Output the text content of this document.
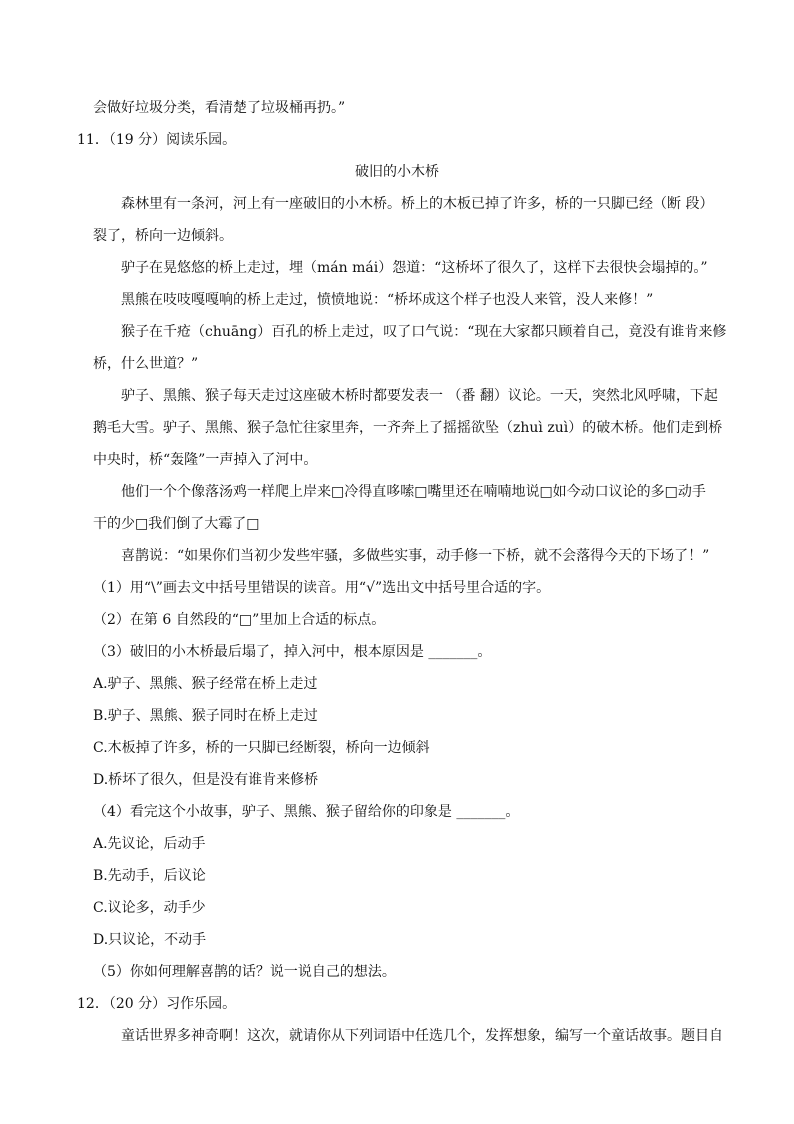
会做好垃圾分类，看清楚了垃圾桶再扔。”
11．（19 分）阅读乐园。
破旧的小木桥
森林里有一条河，河上有一座破旧的小木桥。桥上的木板已掉了许多，桥的一只脚已经（断 段）
裂了，桥向一边倾斜。
驴子在晃悠悠的桥上走过，埋（mán mái）怨道：“这桥坏了很久了，这样下去很快会塌掉的。”
黑熊在吱吱嘎嘎响的桥上走过，愤愤地说：“桥坏成这个样子也没人来管，没人来修！”
猴子在千疮（chuāng）百孔的桥上走过，叹了口气说：“现在大家都只顾着自己，竟没有谁肯来修
桥，什么世道？”
驴子、黑熊、猴子每天走过这座破木桥时都要发表一 （番 翻）议论。一天，突然北风呼啸，下起
鹅毛大雪。驴子、黑熊、猴子急忙往家里奔，一齐奔上了摇摇欲坠（zhuì zuì）的破木桥。他们走到桥
中央时，桥“轰隆”一声掉入了河中。
他们一个个像落汤鸡一样爬上岸来□冷得直哆嗦□嘴里还在喃喃地说□如今动口议论的多□动手
干的少□我们倒了大霉了□
喜鹊说：“如果你们当初少发些牢骚，多做些实事，动手修一下桥，就不会落得今天的下场了！”
（1）用“\”画去文中括号里错误的读音。用“√”选出文中括号里合适的字。
（2）在第 6 自然段的“□”里加上合适的标点。
（3）破旧的小木桥最后塌了，掉入河中，根本原因是 _______。
A.驴子、黑熊、猴子经常在桥上走过
B.驴子、黑熊、猴子同时在桥上走过
C.木板掉了许多，桥的一只脚已经断裂，桥向一边倾斜
D.桥坏了很久，但是没有谁肯来修桥
（4）看完这个小故事，驴子、黑熊、猴子留给你的印象是 _______。
A.先议论，后动手
B.先动手，后议论
C.议论多，动手少
D.只议论，不动手
（5）你如何理解喜鹊的话？说一说自己的想法。
12．（20 分）习作乐园。
童话世界多神奇啊！这次，就请你从下列词语中任选几个，发挥想象，编写一个童话故事。题目自
